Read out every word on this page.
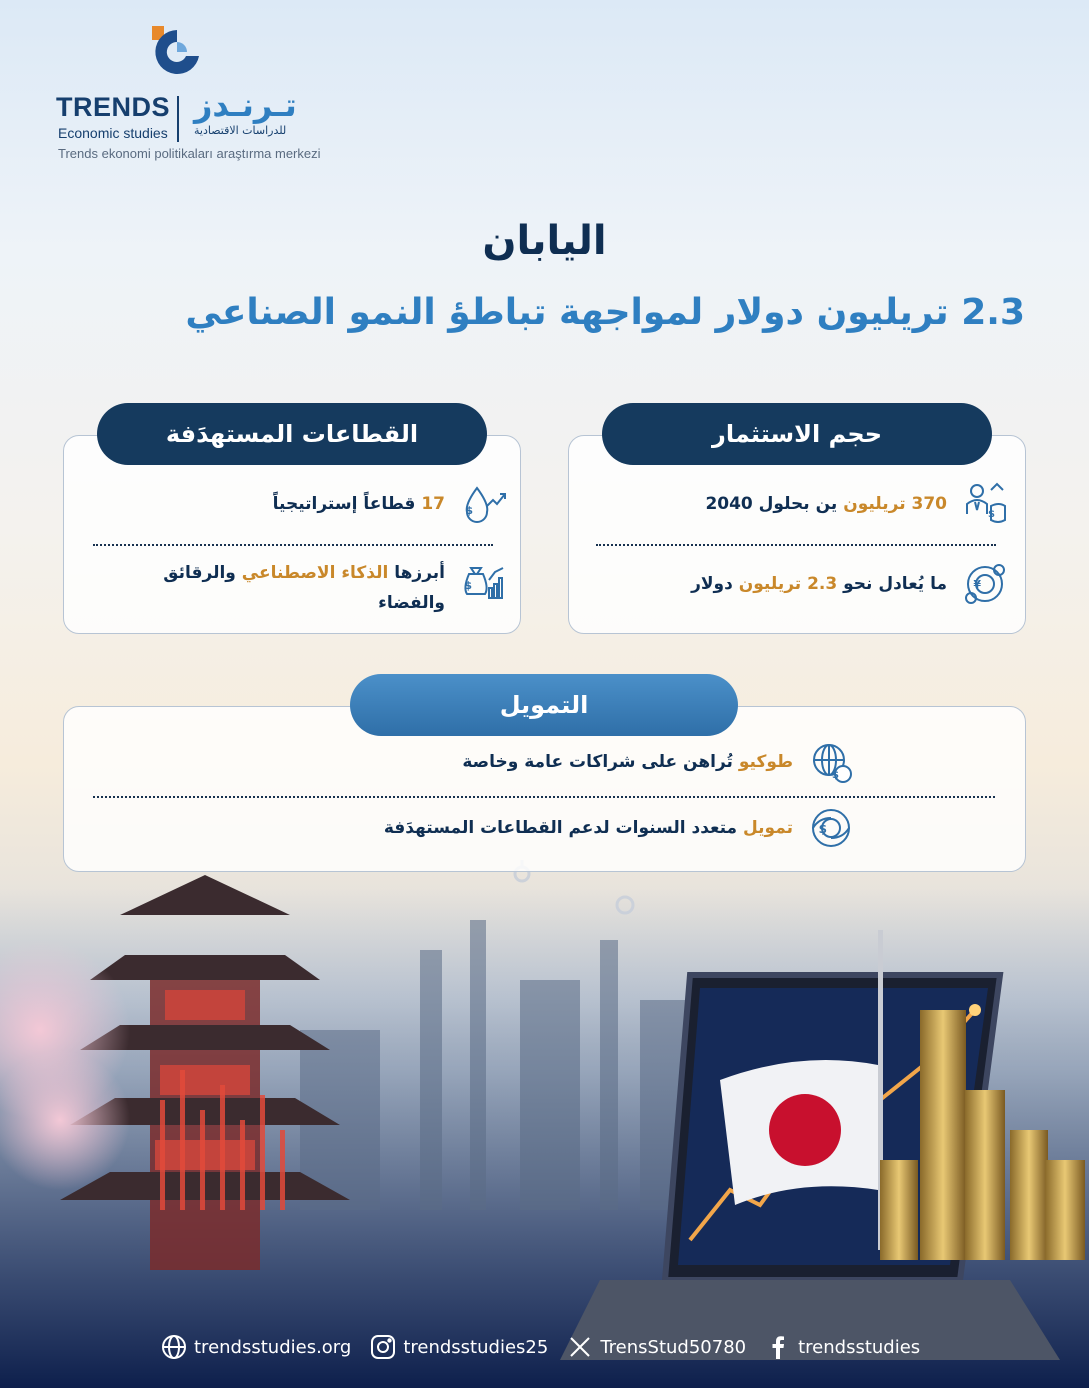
TRENDS تـرنـدز
Economic studies للدراسات الاقتصادية
Trends ekonomi politikaları araştırma merkezi
اليابان
2.3 تريليون دولار لمواجهة تباطؤ النمو الصناعي
حجم الاستثمار
$
370 تريليون ين بحلول 2040
¥
ما يُعادل نحو 2.3 تريليون دولار
القطاعات المستهدَفة
$
17 قطاعاً إستراتيجياً
$
أبرزها الذكاء الاصطناعي والرقائق والفضاء
التمويل
$
طوكيو تُراهن على شراكات عامة وخاصة
$
تمويل متعدد السنوات لدعم القطاعات المستهدَفة
trendsstudies.org	trendsstudies25	TrensStud50780	trendsstudies
